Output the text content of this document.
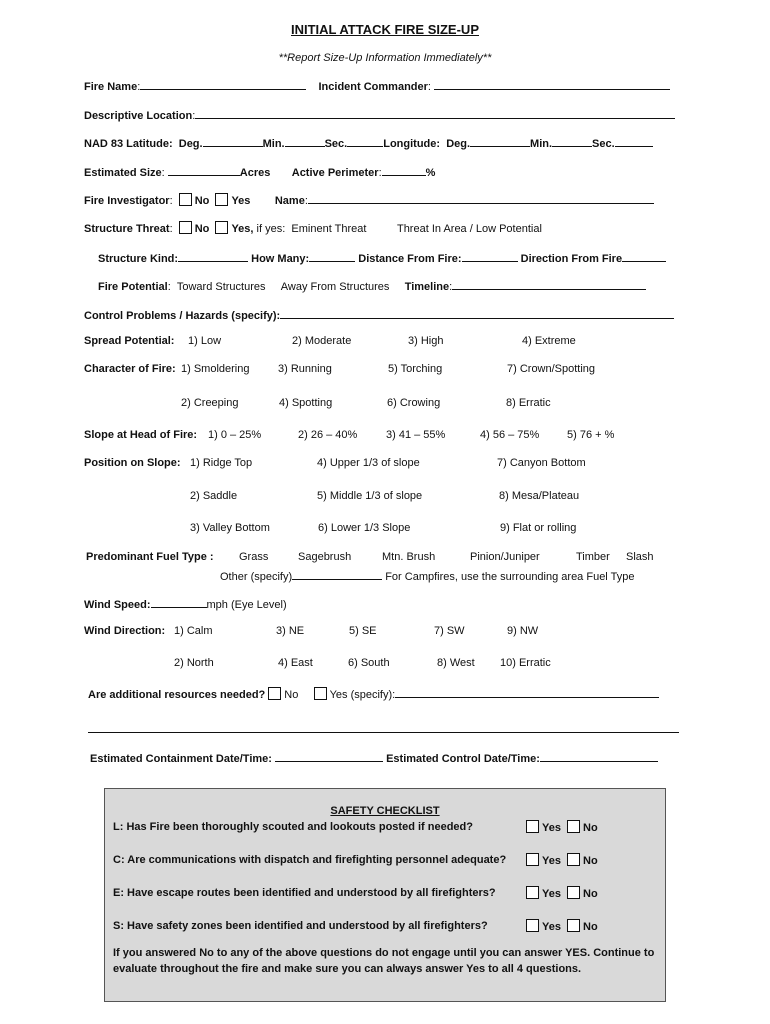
INITIAL ATTACK FIRE SIZE-UP
**Report Size-Up Information Immediately**
Fire Name:	Incident Commander:
Descriptive Location:
NAD 83 Latitude: Deg.	Min.	Sec.	Longitude: Deg.	Min.	Sec.
Estimated Size:	Acres Active Perimeter:	%
Fire Investigator: No Yes Name:
Structure Threat: No Yes, if yes: Eminent Threat	Threat In Area / Low Potential
Structure Kind:	How Many:	Distance From Fire:	Direction From Fire
Fire Potential:  Toward Structures Away From Structures Timeline:
Control Problems / Hazards (specify):
Spread Potential: 1) Low	2) Moderate	3) High	4) Extreme
Character of Fire: 1) Smoldering	3) Running	5) Torching	7) Crown/Spotting
2) Creeping	4) Spotting	6) Crowing	8) Erratic
Slope at Head of Fire: 1) 0 – 25%	2) 26 – 40%	3) 41 – 55%	4) 56 – 75%	5) 76 + %
Position on Slope: 1) Ridge Top	4) Upper 1/3 of slope	7) Canyon Bottom
2) Saddle	5) Middle 1/3 of slope	8) Mesa/Plateau
3) Valley Bottom	6) Lower 1/3 Slope	9) Flat or rolling
Predominant Fuel Type : Grass	Sagebrush	Mtn. Brush	Pinion/Juniper	Timber Slash
Other (specify)	For Campfires, use the surrounding area Fuel Type
Wind Speed:	mph (Eye Level)
Wind Direction: 1) Calm	3) NE	5) SE	7) SW	9) NW
2) North	4) East	6) South	8) West 10) Erratic
Are additional resources needed? No	Yes (specify):
Estimated Containment Date/Time:	Estimated Control Date/Time:
SAFETY CHECKLIST
L: Has Fire been thoroughly scouted and lookouts posted if needed?	Yes No
C: Are communications with dispatch and firefighting personnel adequate?	Yes No
E: Have escape routes been identified and understood by all firefighters?	Yes No
S: Have safety zones been identified and understood by all firefighters?	Yes No
If you answered No to any of the above questions do not engage until you can answer YES. Continue to evaluate throughout the fire and make sure you can always answer Yes to all 4 questions.
